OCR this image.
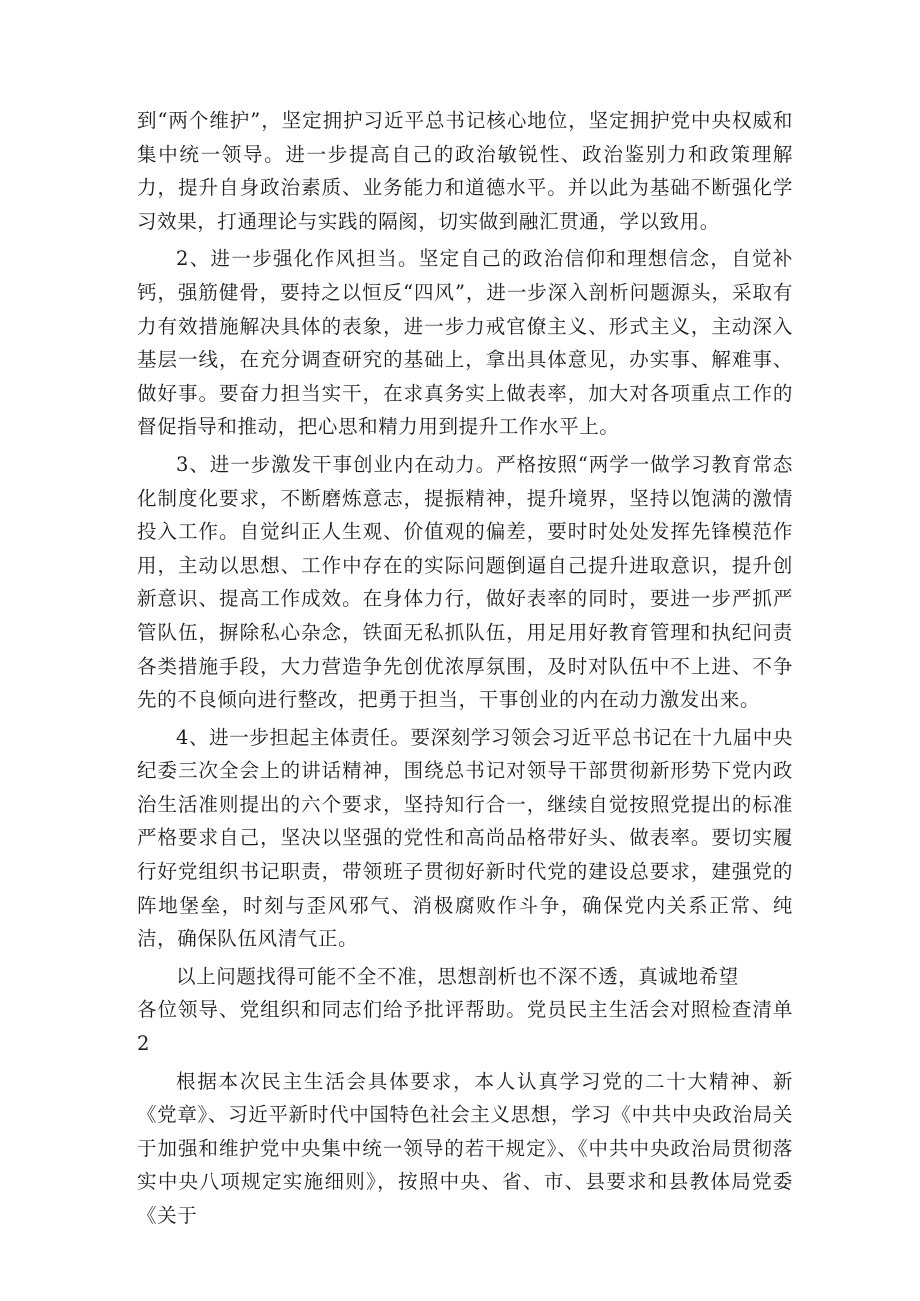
到“两个维护”，坚定拥护习近平总书记核心地位，坚定拥护党中央权威和集中统一领导。进一步提高自己的政治敏锐性、政治鉴别力和政策理解力，提升自身政治素质、业务能力和道德水平。并以此为基础不断强化学习效果，打通理论与实践的隔阂，切实做到融汇贯通，学以致用。

2、进一步强化作风担当。坚定自己的政治信仰和理想信念，自觉补钙，强筋健骨，要持之以恒反“四风”，进一步深入剖析问题源头，采取有力有效措施解决具体的表象，进一步力戒官僚主义、形式主义，主动深入基层一线，在充分调查研究的基础上，拿出具体意见，办实事、解难事、做好事。要奋力担当实干，在求真务实上做表率，加大对各项重点工作的督促指导和推动，把心思和精力用到提升工作水平上。

3、进一步激发干事创业内在动力。严格按照“两学一做学习教育常态化制度化要求，不断磨炼意志，提振精神，提升境界，坚持以饱满的激情投入工作。自觉纠正人生观、价值观的偏差，要时时处处发挥先锋模范作用，主动以思想、工作中存在的实际问题倒逼自己提升进取意识，提升创新意识、提高工作成效。在身体力行，做好表率的同时，要进一步严抓严管队伍，摒除私心杂念，铁面无私抓队伍，用足用好教育管理和执纪问责各类措施手段，大力营造争先创优浓厚氛围，及时对队伍中不上进、不争先的不良倾向进行整改，把勇于担当，干事创业的内在动力激发出来。

4、进一步担起主体责任。要深刻学习领会习近平总书记在十九届中央纪委三次全会上的讲话精神，围绕总书记对领导干部贯彻新形势下党内政治生活准则提出的六个要求，坚持知行合一，继续自觉按照党提出的标准严格要求自己，坚决以坚强的党性和高尚品格带好头、做表率。要切实履行好党组织书记职责，带领班子贯彻好新时代党的建设总要求，建强党的阵地堡垒，时刻与歪风邪气、消极腐败作斗争，确保党内关系正常、纯洁，确保队伍风清气正。

以上问题找得可能不全不准，思想剖析也不深不透，真诚地希望

各位领导、党组织和同志们给予批评帮助。党员民主生活会对照检查清单2

根据本次民主生活会具体要求，本人认真学习党的二十大精神、新《党章》、习近平新时代中国特色社会主义思想，学习《中共中央政治局关于加强和维护党中央集中统一领导的若干规定》、《中共中央政治局贯彻落实中央八项规定实施细则》，按照中央、省、市、县要求和县教体局党委《关于
